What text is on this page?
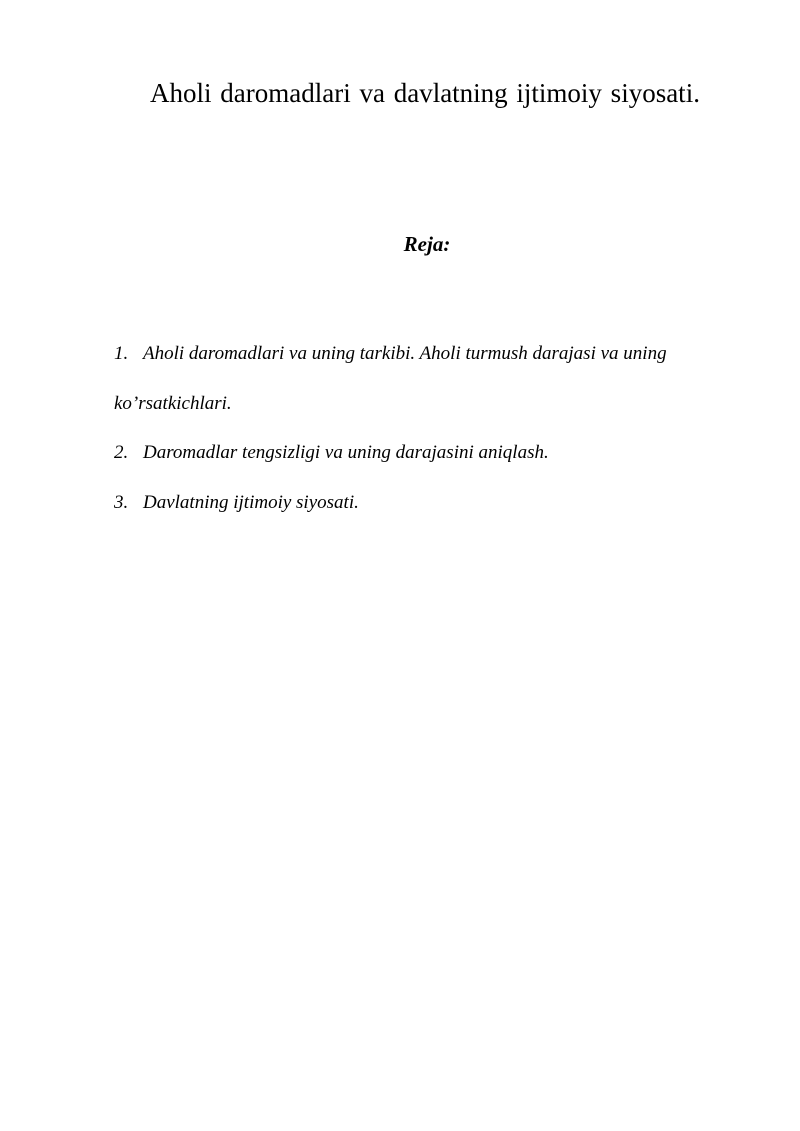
Aholi daromadlari va davlatning ijtimoiy siyosati.
Reja:
1. Aholi daromadlari va uning tarkibi. Aholi turmush darajasi va uning ko’rsatkichlari.
2. Daromadlar tengsizligi va uning darajasini aniqlash.
3. Davlatning ijtimoiy siyosati.
